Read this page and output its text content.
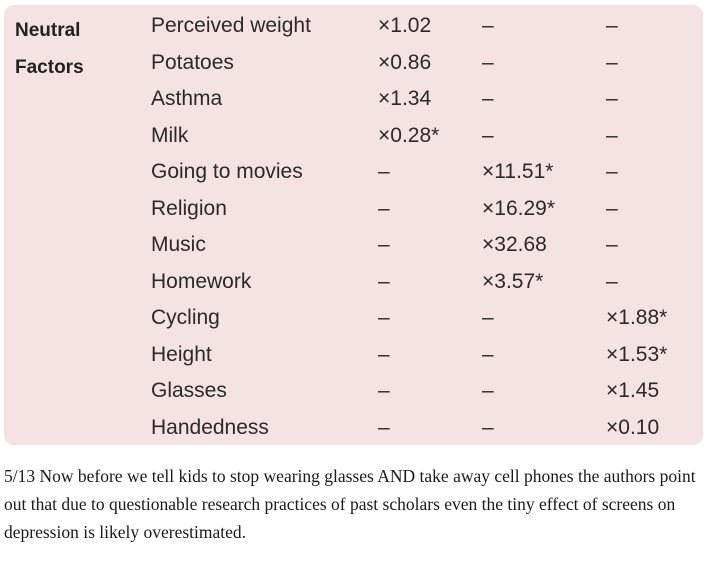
Neutral
Factors
Perceived weight	×1.02 –	–
Potatoes	×0.86 –	–
Asthma	×1.34 –	–
Milk	×0.28* –	–
Going to movies	–	×11.51*	–
Religion	–	×16.29* –
Music	–	×32.68	–
Homework	–	×3.57*	–
Cycling	–	–	×1.88*
Height	–	–	×1.53*
Glasses	–	–	×1.45
Handedness	–	–	×0.10
5/13 Now before we tell kids to stop wearing glasses AND take away cell phones the authors point out that due to questionable research practices of past scholars even the tiny effect of screens on depression is likely overestimated.
